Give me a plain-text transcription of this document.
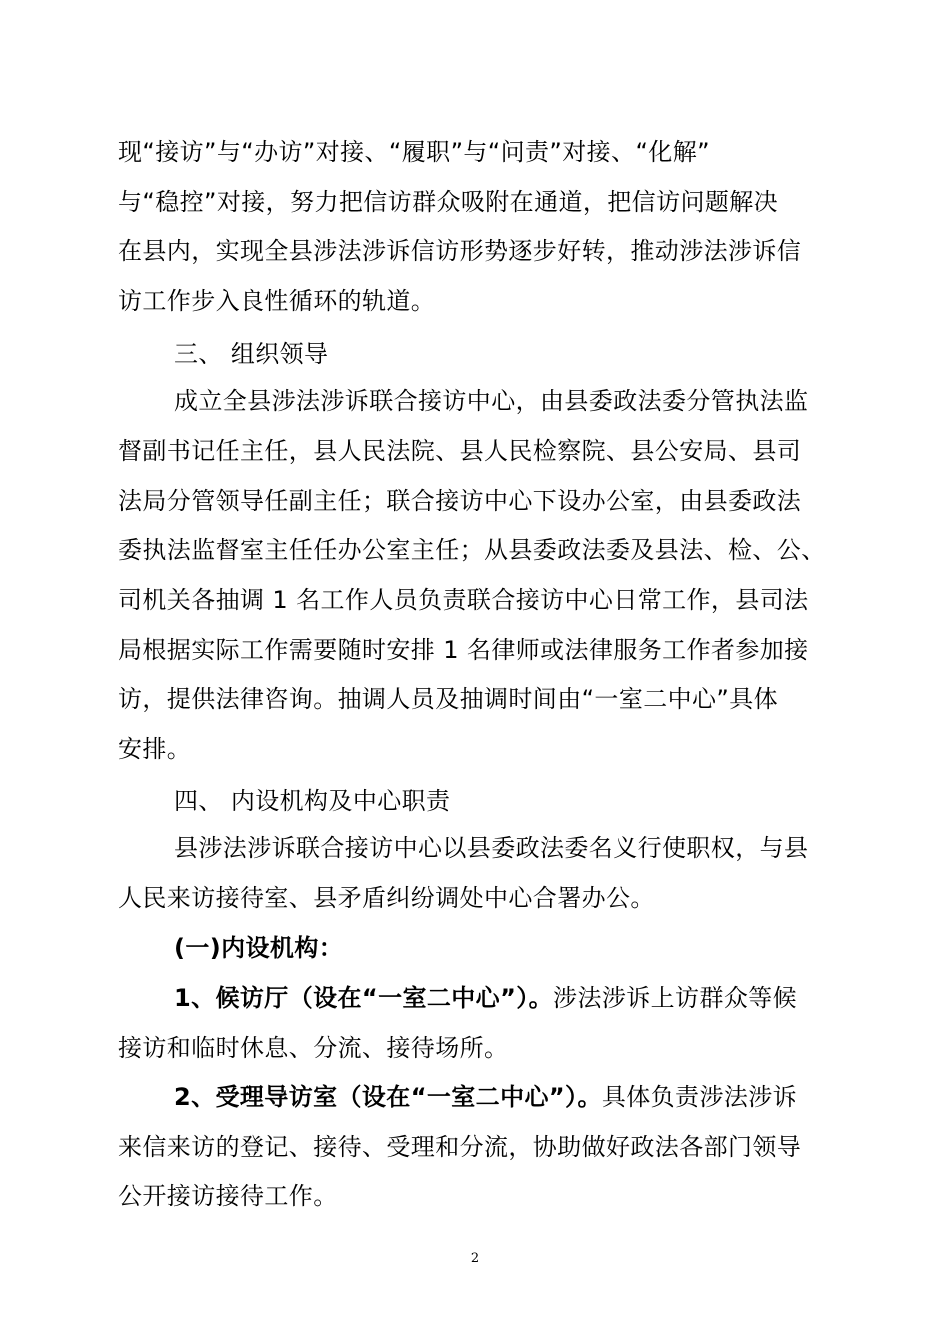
现“接访”与“办访”对接、“履职”与“问责”对接、“化解”
与“稳控”对接，努力把信访群众吸附在通道，把信访问题解决
在县内，实现全县涉法涉诉信访形势逐步好转，推动涉法涉诉信
访工作步入良性循环的轨道。
三、 组织领导
成立全县涉法涉诉联合接访中心，由县委政法委分管执法监
督副书记任主任，县人民法院、县人民检察院、县公安局、县司
法局分管领导任副主任；联合接访中心下设办公室，由县委政法
委执法监督室主任任办公室主任；从县委政法委及县法、检、公、
司机关各抽调 1 名工作人员负责联合接访中心日常工作，县司法
局根据实际工作需要随时安排 1 名律师或法律服务工作者参加接
访，提供法律咨询。抽调人员及抽调时间由“一室二中心”具体
安排。
四、 内设机构及中心职责
县涉法涉诉联合接访中心以县委政法委名义行使职权，与县
人民来访接待室、县矛盾纠纷调处中心合署办公。
(一)内设机构：
1、候访厅（设在“一室二中心”）。涉法涉诉上访群众等候
接访和临时休息、分流、接待场所。
2、受理导访室（设在“一室二中心”）。具体负责涉法涉诉
来信来访的登记、接待、受理和分流，协助做好政法各部门领导
公开接访接待工作。
2
